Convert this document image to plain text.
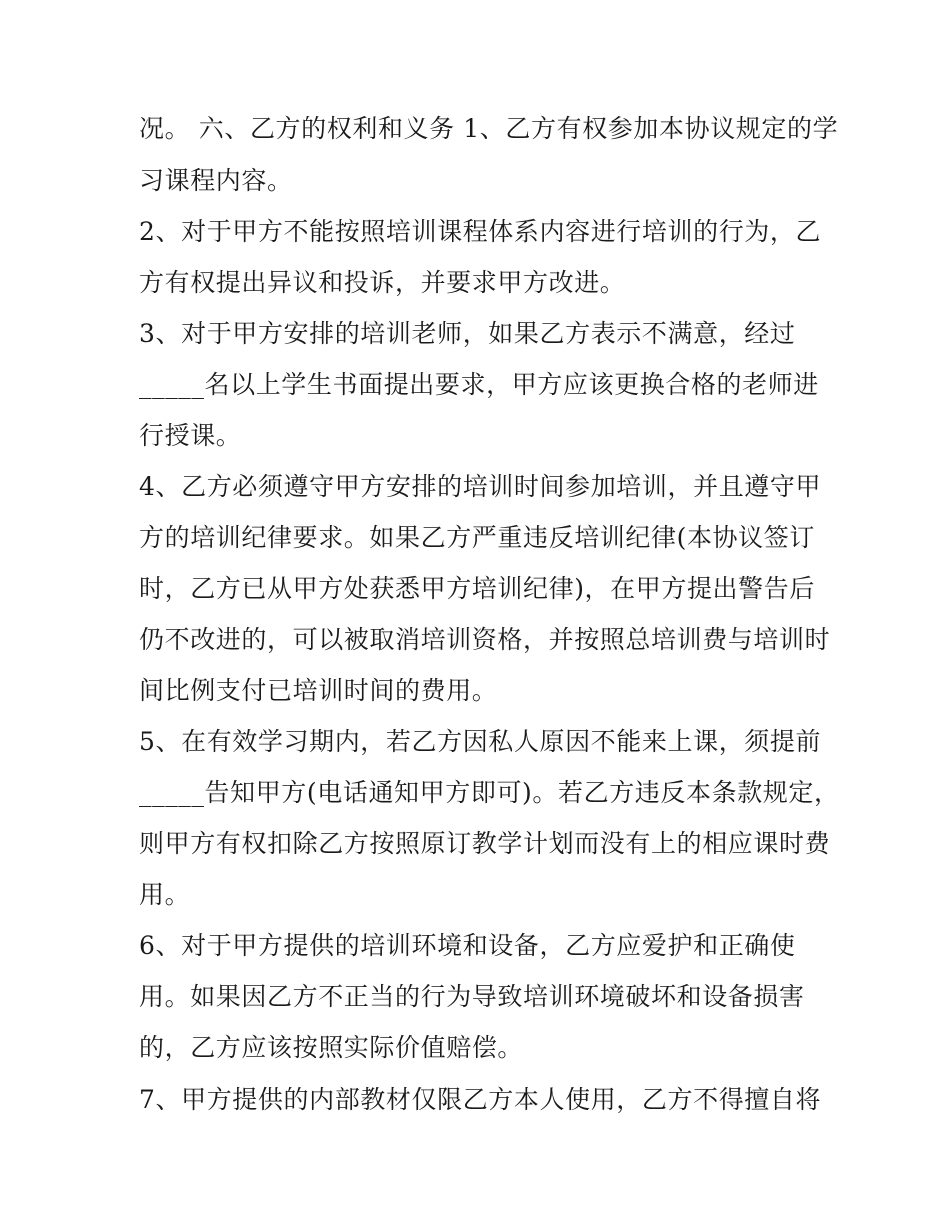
况。 六、乙方的权利和义务 1、乙方有权参加本协议规定的学
习课程内容。
2、对于甲方不能按照培训课程体系内容进行培训的行为，乙
方有权提出异议和投诉，并要求甲方改进。
3、对于甲方安排的培训老师，如果乙方表示不满意，经过
_____名以上学生书面提出要求，甲方应该更换合格的老师进
行授课。
4、乙方必须遵守甲方安排的培训时间参加培训，并且遵守甲
方的培训纪律要求。如果乙方严重违反培训纪律(本协议签订
时，乙方已从甲方处获悉甲方培训纪律)，在甲方提出警告后
仍不改进的，可以被取消培训资格，并按照总培训费与培训时
间比例支付已培训时间的费用。
5、在有效学习期内，若乙方因私人原因不能来上课，须提前
_____告知甲方(电话通知甲方即可)。若乙方违反本条款规定，
则甲方有权扣除乙方按照原订教学计划而没有上的相应课时费
用。
6、对于甲方提供的培训环境和设备，乙方应爱护和正确使
用。如果因乙方不正当的行为导致培训环境破坏和设备损害
的，乙方应该按照实际价值赔偿。
7、甲方提供的内部教材仅限乙方本人使用，乙方不得擅自将
